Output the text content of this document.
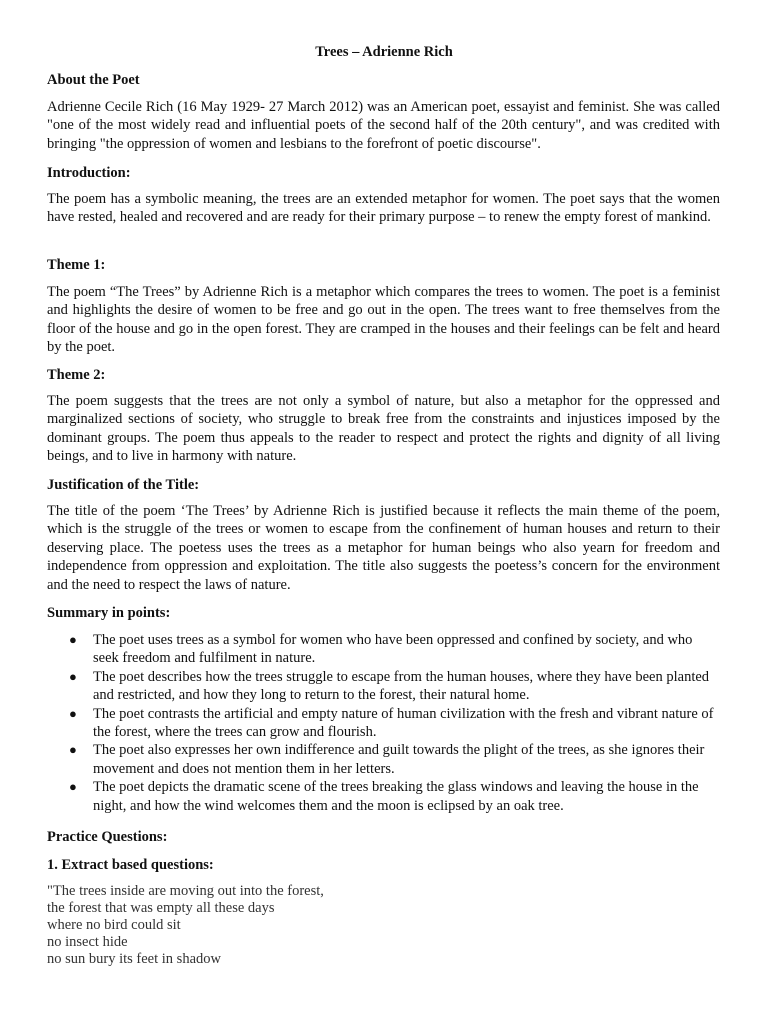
Trees – Adrienne Rich
About the Poet

Adrienne Cecile Rich (16 May 1929- 27 March 2012) was an American poet, essayist and feminist. She was called "one of the most widely read and influential poets of the second half of the 20th century", and was credited with bringing "the oppression of women and lesbians to the forefront of poetic discourse".

Introduction:

The poem has a symbolic meaning, the trees are an extended metaphor for women. The poet says that the women have rested, healed and recovered and are ready for their primary purpose – to renew the empty forest of mankind.

Theme 1:

The poem “The Trees” by Adrienne Rich is a metaphor which compares the trees to women. The poet is a feminist and highlights the desire of women to be free and go out in the open. The trees want to free themselves from the floor of the house and go in the open forest. They are cramped in the houses and their feelings can be felt and heard by the poet.

Theme 2:

The poem suggests that the trees are not only a symbol of nature, but also a metaphor for the oppressed and marginalized sections of society, who struggle to break free from the constraints and injustices imposed by the dominant groups. The poem thus appeals to the reader to respect and protect the rights and dignity of all living beings, and to live in harmony with nature.

Justification of the Title:

The title of the poem ‘The Trees’ by Adrienne Rich is justified because it reflects the main theme of the poem, which is the struggle of the trees or women to escape from the confinement of human houses and return to their deserving place. The poetess uses the trees as a metaphor for human beings who also yearn for freedom and independence from oppression and exploitation. The title also suggests the poetess’s concern for the environment and the need to respect the laws of nature.

Summary in points:
● The poet uses trees as a symbol for women who have been oppressed and confined by society, and who seek freedom and fulfilment in nature.
● The poet describes how the trees struggle to escape from the human houses, where they have been planted and restricted, and how they long to return to the forest, their natural home.
● The poet contrasts the artificial and empty nature of human civilization with the fresh and vibrant nature of the forest, where the trees can grow and flourish.
● The poet also expresses her own indifference and guilt towards the plight of the trees, as she ignores their movement and does not mention them in her letters.
● The poet depicts the dramatic scene of the trees breaking the glass windows and leaving the house in the night, and how the wind welcomes them and the moon is eclipsed by an oak tree.
Practice Questions:
1. Extract based questions:
"The trees inside are moving out into the forest,
the forest that was empty all these days
where no bird could sit
no insect hide
no sun bury its feet in shadow
